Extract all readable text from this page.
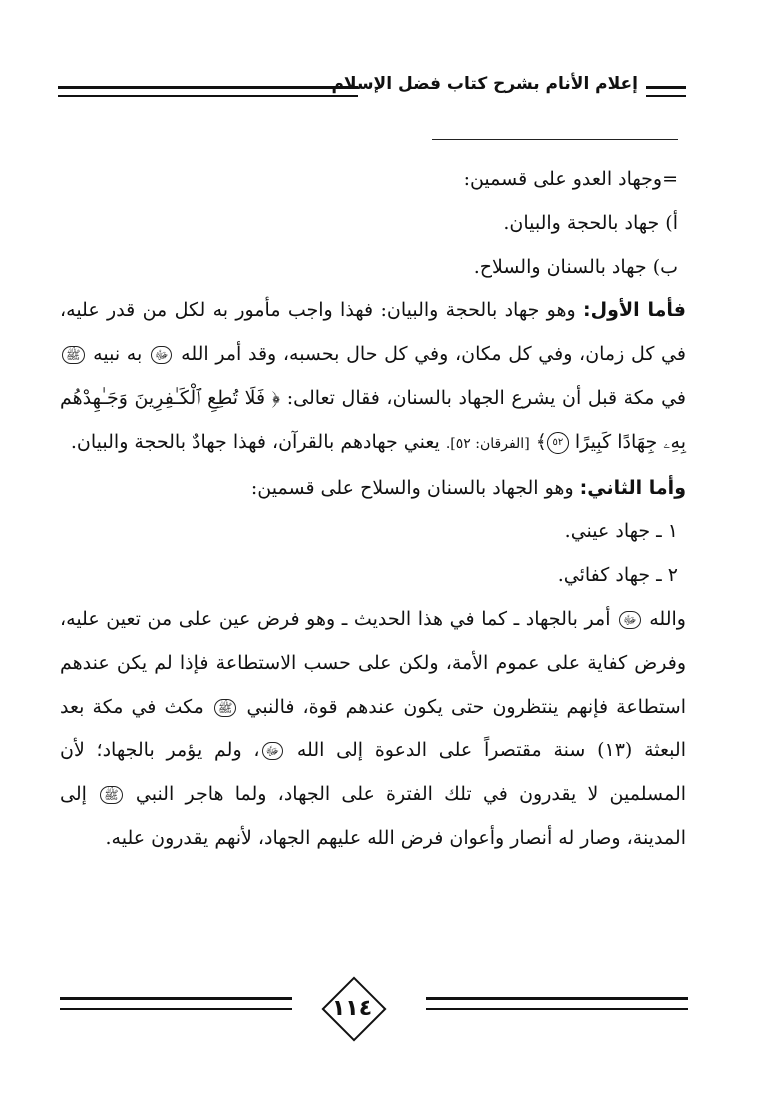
إعلام الأنام بشرح كتاب فضل الإسلام

=وجهاد العدو على قسمين:

أ) جهاد بالحجة والبيان.

ب) جهاد بالسنان والسلاح.

فأما الأول: وهو جهاد بالحجة والبيان: فهذا واجب مأمور به لكل من قدر عليه، في كل زمان، وفي كل مكان، وفي كل حال بحسبه، وقد أمر الله ﷻ به نبيه ﷺ في مكة قبل أن يشرع الجهاد بالسنان، فقال تعالى: ﴿ فَلَا تُطِعِ ٱلْكَـٰفِرِينَ وَجَـٰهِدْهُم بِهِۦ جِهَادًا كَبِيرًا ٥٢﴾ [الفرقان: ٥٢]. يعني جهادهم بالقرآن، فهذا جهادٌ بالحجة والبيان.

وأما الثاني: وهو الجهاد بالسنان والسلاح على قسمين:

١ ـ جهاد عيني.

٢ ـ جهاد كفائي.

والله ﷻ أمر بالجهاد ـ كما في هذا الحديث ـ وهو فرض عين على من تعين عليه، وفرض كفاية على عموم الأمة، ولكن على حسب الاستطاعة فإذا لم يكن عندهم استطاعة فإنهم ينتظرون حتى يكون عندهم قوة، فالنبي ﷺ مكث في مكة بعد البعثة (١٣) سنة مقتصراً على الدعوة إلى الله ﷻ، ولم يؤمر بالجهاد؛ لأن المسلمين لا يقدرون في تلك الفترة على الجهاد، ولما هاجر النبي ﷺ إلى المدينة، وصار له أنصار وأعوان فرض الله عليهم الجهاد، لأنهم يقدرون عليه.

١١٤
